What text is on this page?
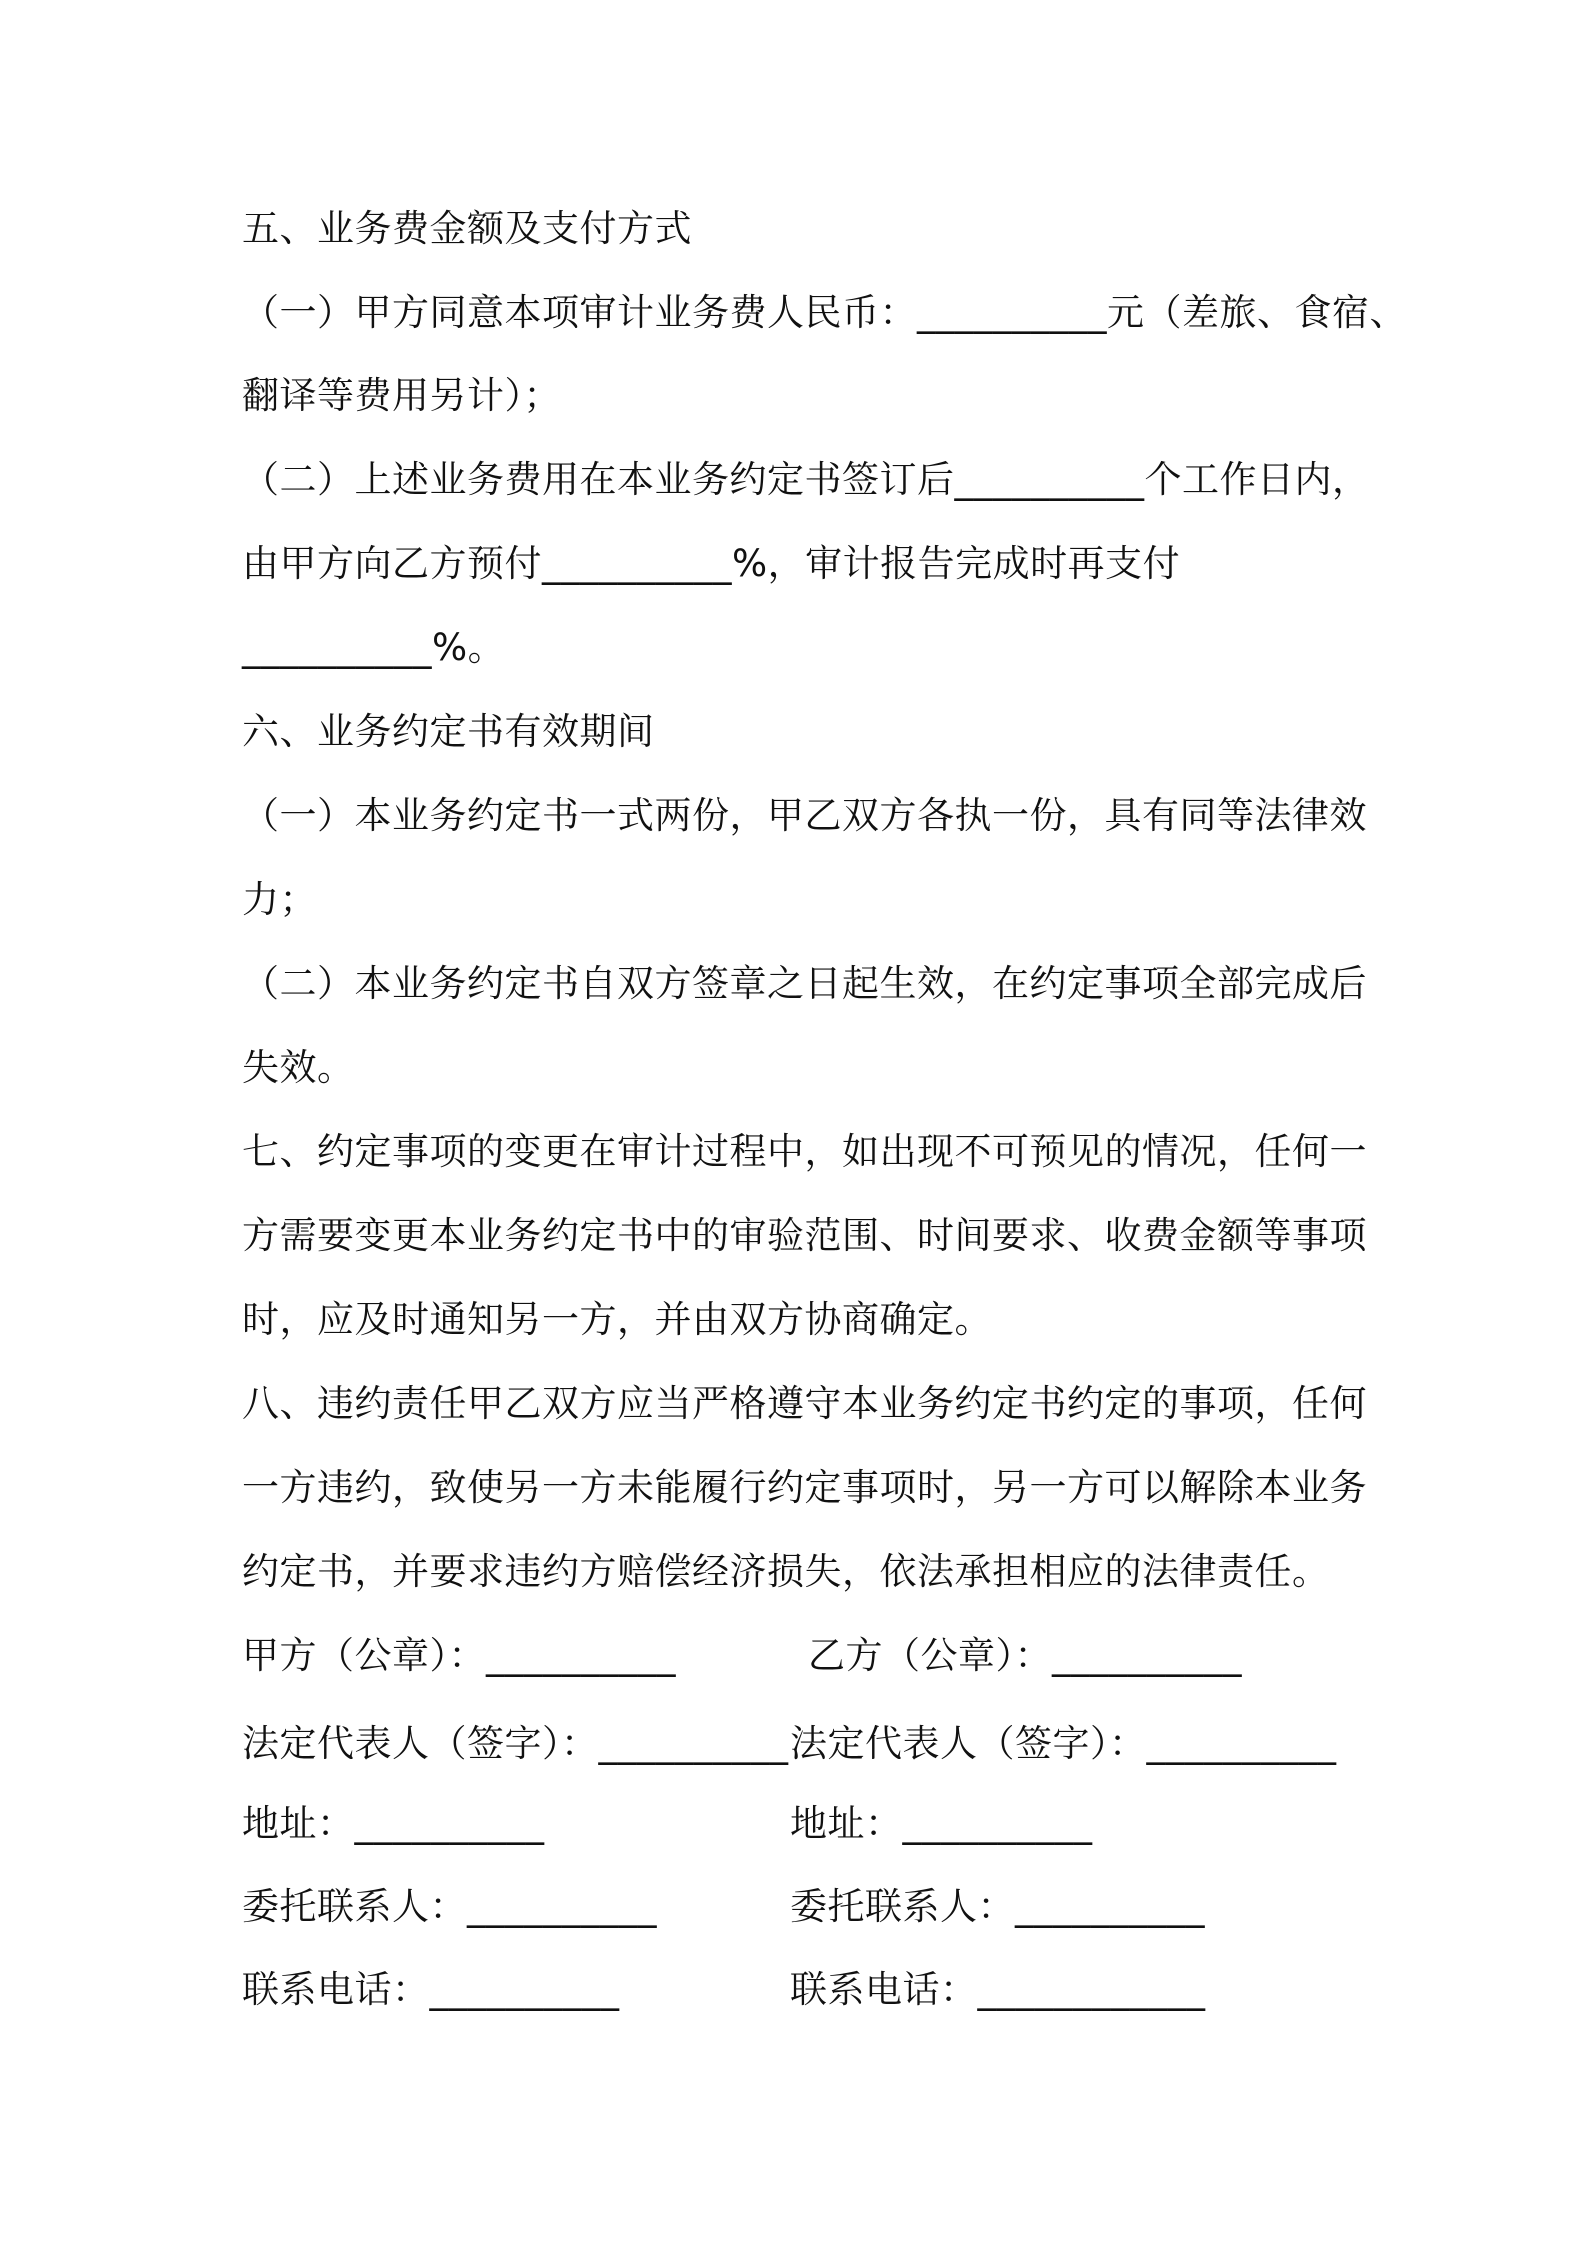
五、业务费金额及支付方式
（一）甲方同意本项审计业务费人民币：__________元（差旅、食宿、
翻译等费用另计）；
（二）上述业务费用在本业务约定书签订后__________个工作日内，
由甲方向乙方预付__________%，审计报告完成时再支付
__________%。
六、业务约定书有效期间
（一）本业务约定书一式两份，甲乙双方各执一份，具有同等法律效
力；
（二）本业务约定书自双方签章之日起生效，在约定事项全部完成后
失效。
七、约定事项的变更在审计过程中，如出现不可预见的情况，任何一
方需要变更本业务约定书中的审验范围、时间要求、收费金额等事项
时，应及时通知另一方，并由双方协商确定。
八、违约责任甲乙双方应当严格遵守本业务约定书约定的事项，任何
一方违约，致使另一方未能履行约定事项时，另一方可以解除本业务
约定书，并要求违约方赔偿经济损失，依法承担相应的法律责任。
甲方（公章）：__________	乙方（公章）：__________
法定代表人（签字）：__________ 法定代表人（签字）：__________
地址：__________	地址：__________
委托联系人：__________	委托联系人：__________
联系电话：__________	联系电话：____________
